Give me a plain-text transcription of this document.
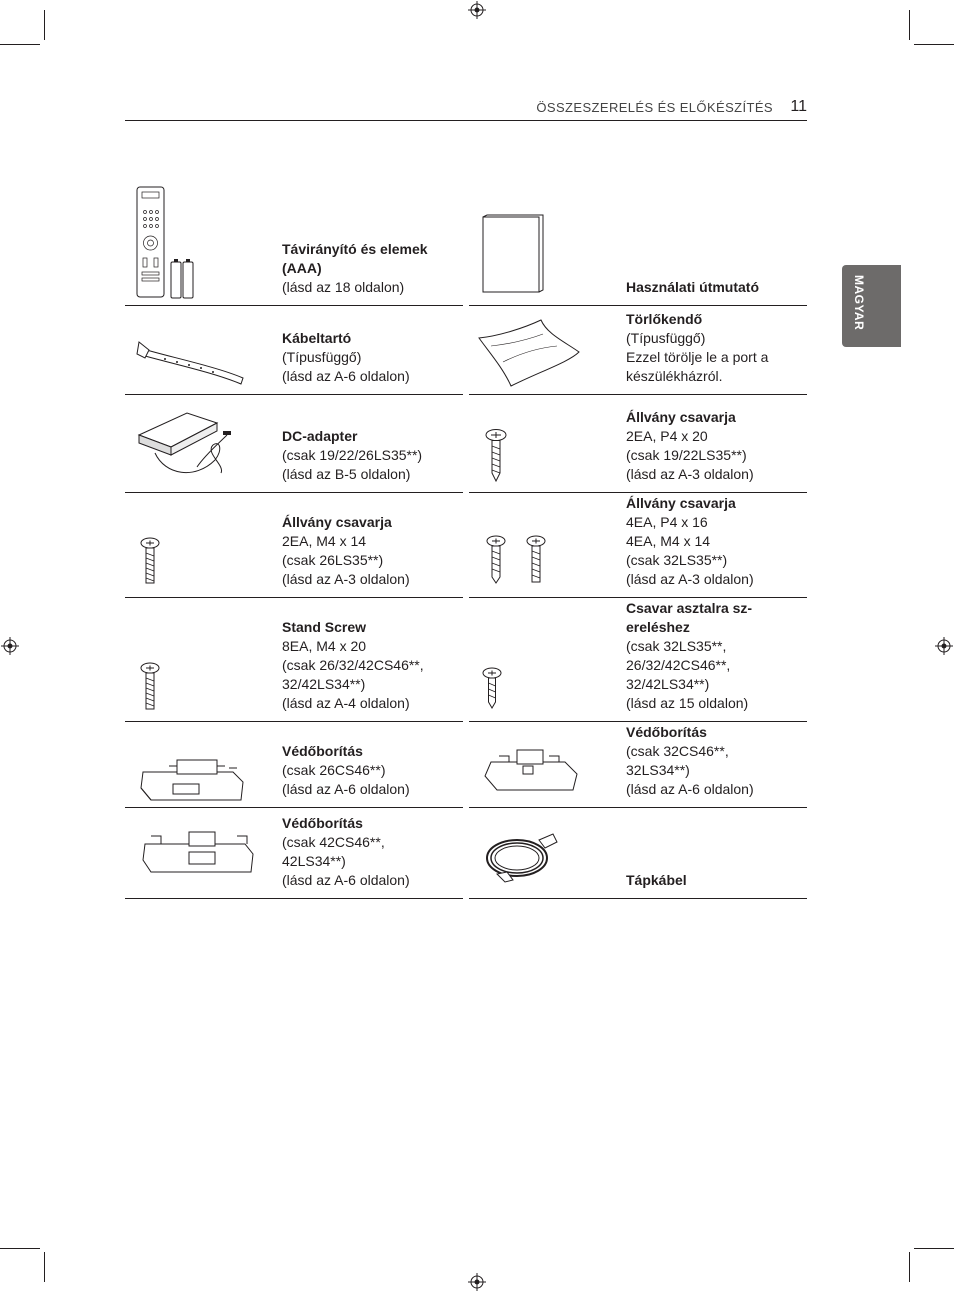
ÖSSZESZERELÉS ÉS ELŐKÉSZÍTÉS 11
MAGYAR
Távirányító és elemek (AAA)
(lásd az 18 oldalon)
Kábeltartó
(Típusfüggő)
(lásd az A-6 oldalon)
DC-adapter
(csak 19/22/26LS35**)
(lásd az B-5 oldalon)
Állvány csavarja
2EA, M4 x 14
(csak 26LS35**)
(lásd az A-3 oldalon)
Stand Screw
8EA, M4 x 20
(csak 26/32/42CS46**,
32/42LS34**)
(lásd az A-4 oldalon)
Védőborítás
(csak 26CS46**)
(lásd az A-6 oldalon)
Védőborítás
(csak 42CS46**,
42LS34**)
(lásd az A-6 oldalon)
Használati útmutató
Törlőkendő
(Típusfüggő)
Ezzel törölje le a port a
készülékházról.
Állvány csavarja
2EA, P4 x 20
(csak 19/22LS35**)
(lásd az A-3 oldalon)
Állvány csavarja
4EA, P4 x 16
4EA, M4 x 14
(csak 32LS35**)
(lásd az A-3 oldalon)
Csavar asztalra sz-ereléshez
(csak 32LS35**,
26/32/42CS46**,
32/42LS34**)
(lásd az 15 oldalon)
Védőborítás
(csak 32CS46**,
32LS34**)
(lásd az A-6 oldalon)
Tápkábel
